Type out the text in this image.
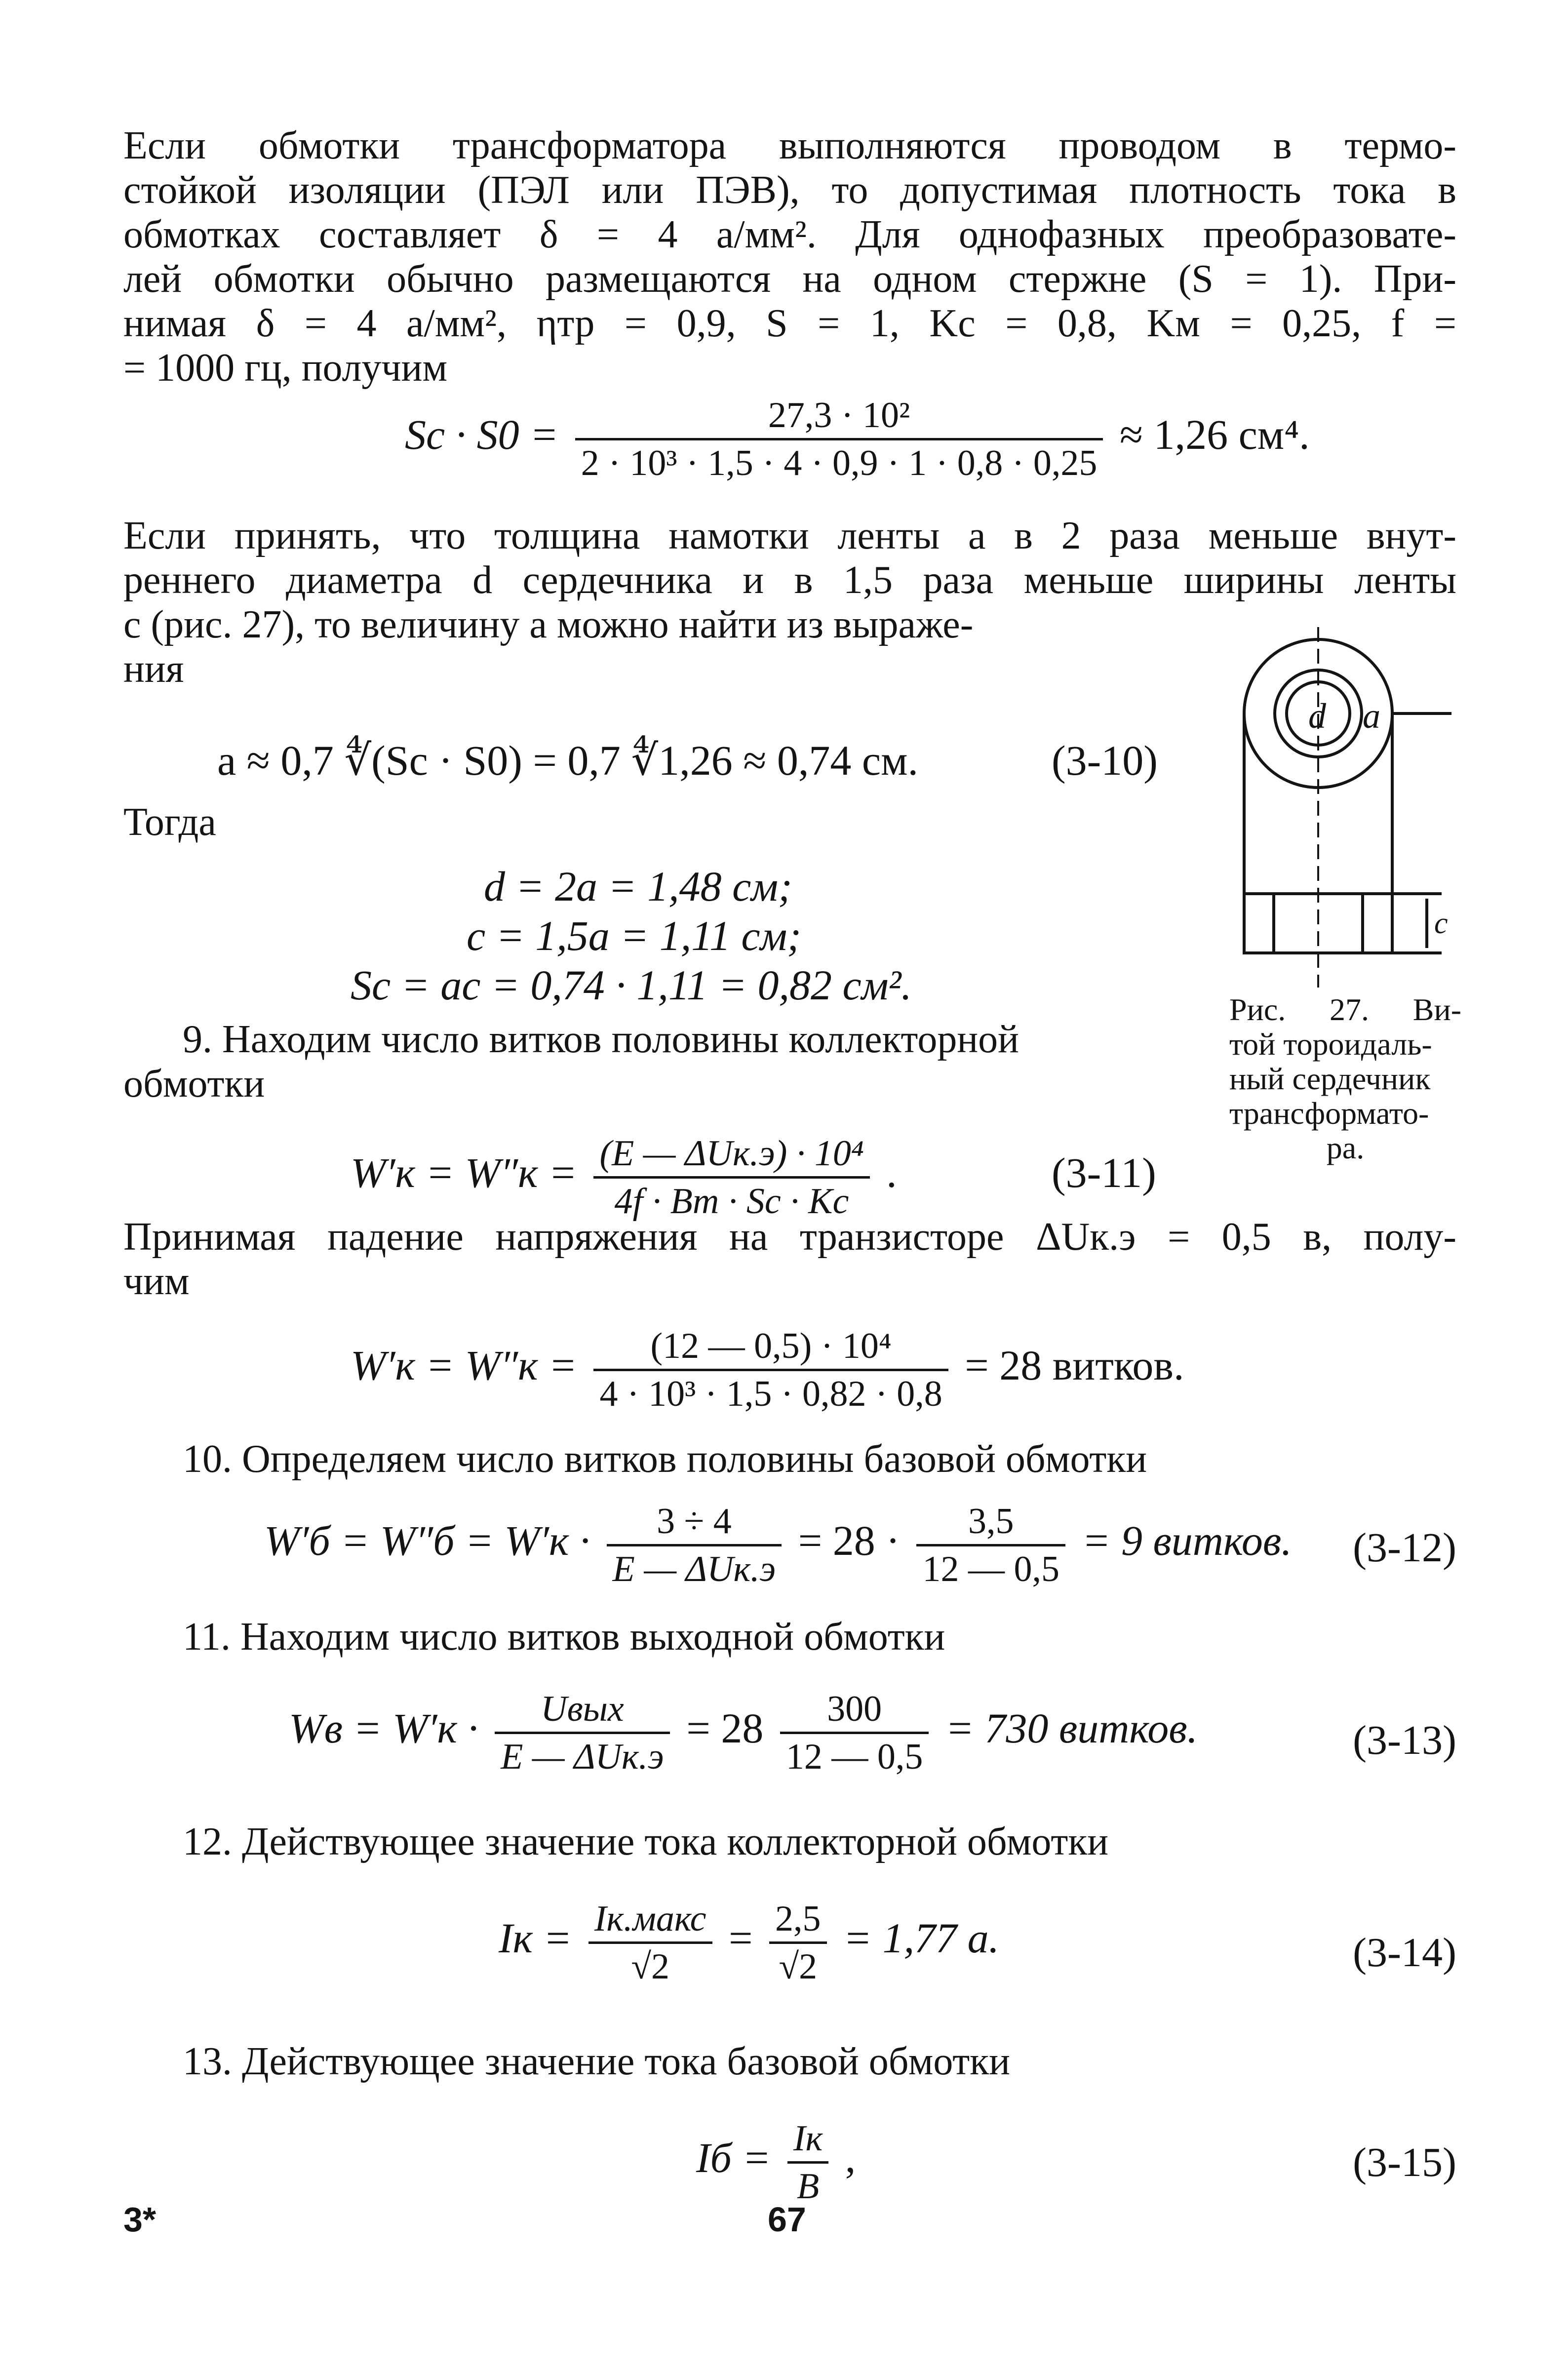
Если обмотки трансформатора выполняются проводом в термо-
стойкой изоляции (ПЭЛ или ПЭВ), то допустимая плотность тока в
обмотках составляет δ = 4 а/мм². Для однофазных преобразовате-
лей обмотки обычно размещаются на одном стержне (S = 1). При-
нимая δ = 4 а/мм², ηтр = 0,9, S = 1, Kс = 0,8, Kм = 0,25, f =
= 1000 гц, получим
$Sc \cdot S0 = \frac{\text{27,3 · 10²}}{\text{2 · 10³ · 1,5 · 4 · 0,9 · 1 · 0,8 · 0,25}} \approx 1,26$ см⁴.
Если принять, что толщина намотки ленты a в 2 раза меньше внут-
реннего диаметра d сердечника и в 1,5 раза меньше ширины ленты
c (рис. 27), то величину a можно найти из выраже-
ния
a ≈ 0,7 ∜(Sc · S0) = 0,7 ∜1,26 ≈ 0,74 см.	(3-10)
Тогда
d = 2a = 1,48 см;
c = 1,5a = 1,11 см;
Sc = ac = 0,74 · 1,11 = 0,82 см².
d a
c
Рис. 27. Ви-
той тороидаль-
ный сердечник
трансформато-
ра.
9. Находим число витков половины коллекторной
обмотки
$W'к = W''к = \frac{\text{(E — ΔUк.э) · 10⁴}}{4f \cdot Bm \cdot Sc \cdot Kc}$ .	(3-11)
Принимая падение напряжения на транзисторе ΔUк.э = 0,5 в, полу-
чим
$W'к = W''к = \frac{\text{(12 — 0,5) · 10⁴}}{\text{4 · 10³ · 1,5 · 0,82 · 0,8}} = 28$ витков.
10. Определяем число витков половины базовой обмотки
$W'б = W''б = W'к \cdot \frac{3 \div 4}{\text{E — ΔUк.э}} = 28 \cdot \frac{3,5}{12 — 0,5} = 9$ витков. (3-12)
11. Находим число витков выходной обмотки
Wв = $W'к \cdot \frac{\text{Uвых}}{\text{E — ΔUк.э}} = 28 \frac{300}{12 — 0,5} = 730$ витков.	(3-13)
12. Действующее значение тока коллекторной обмотки
Iк = $\frac{\text{Iк.макс}}{√2} = \frac{2,5}{√2} = 1,77$ a.	(3-14)
13. Действующее значение тока базовой обмотки
Iб = $\frac{Iк}{B}$ ,	(3-15)
3*	67
